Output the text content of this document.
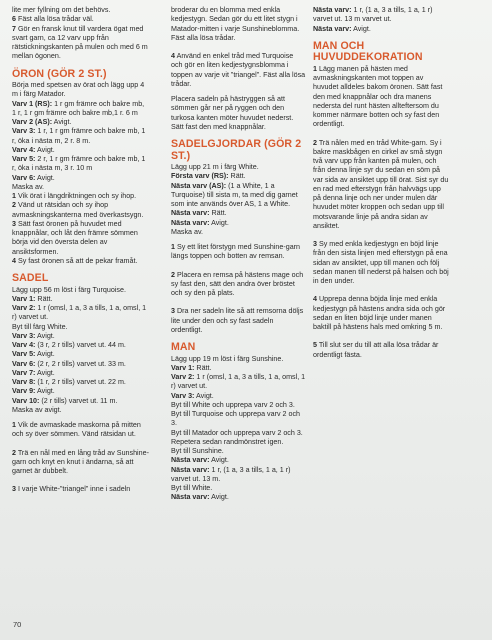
lite mer fyllning om det behövs.

6 Fäst alla lösa trådar väl.

7 Gör en fransk knut till vardera ögat med svart garn, ca 12 varv upp från rätstickningskanten på mulen och med 6 m mellan ögonen.

ÖRON (GÖR 2 ST.)

Börja med spetsen av örat och lägg upp 4 m i färg Matador.

Varv 1 (RS): 1 r gm främre och bakre mb, 1 r, 1 r gm främre och bakre mb,1 r. 6 m

Varv 2 (AS): Avigt.

Varv 3: 1 r, 1 r gm främre och bakre mb, 1 r, öka i nästa m, 2 r. 8 m.

Varv 4: Avigt.

Varv 5: 2 r, 1 r gm främre och bakre mb, 1 r, öka i nästa m, 3 r. 10 m

Varv 6: Avigt.

Maska av.

1 Vik örat i längdriktningen och sy ihop.

2 Vänd ut rätsidan och sy ihop avmaskningskanterna med överkastsygn.

3 Sätt fast öronen på huvudet med knappnålar, och låt den främre sömmen börja vid den översta delen av ansiktsformen.

4 Sy fast öronen så att de pekar framåt.

SADEL

Lägg upp 56 m löst i färg Turquoise.

Varv 1: Rätt.

Varv 2: 1 r (omsl, 1 a, 3 a tills, 1 a, omsl, 1 r) varvet ut.

Byt till färg White.

Varv 3: Avigt.

Varv 4: (3 r, 2 r tills) varvet ut. 44 m.

Varv 5: Avigt.

Varv 6: (2 r, 2 r tills) varvet ut. 33 m.

Varv 7: Avigt.

Varv 8: (1 r, 2 r tills) varvet ut. 22 m.

Varv 9: Avigt.

Varv 10: (2 r tills) varvet ut. 11 m.

Maska av avigt.

1 Vik de avmaskade maskorna på mitten och sy över sömmen. Vänd rätsidan ut.

2 Trä en nål med en lång tråd av Sunshine-garn och knyt en knut i ändarna, så att garnet är dubbelt.

3 I varje White-”triangel” inne i sadeln

broderar du en blomma med enkla kedjestygn. Sedan gör du ett litet stygn i Matador-mitten i varje Sunshineblomma. Fäst alla lösa trådar.

4 Använd en enkel tråd med Turquoise och gör en liten kedjestygnsblomma i toppen av varje vit ”triangel”. Fäst alla lösa trådar.

Placera sadeln på hästryggen så att sömmen går ner på ryggen och den turkosa kanten möter huvudet nederst. Sätt fast den med knappnålar.

SADELGJORDAR (GÖR 2 ST.)

Lägg upp 21 m i färg White.

Första varv (RS): Rätt.

Nästa varv (AS): (1 a White, 1 a Turquoise) till sista m, ta med dig garnet som inte används över AS, 1 a White.

Nästa varv: Rätt.

Nästa varv: Avigt.

Maska av.

1 Sy ett litet förstygn med Sunshine-garn längs toppen och botten av remsan.

2 Placera en remsa på hästens mage och sy fast den, sätt den andra över bröstet och sy den på plats.

3 Dra ner sadeln lite så att remsorna döljs lite under den och sy fast sadeln ordentligt.

MAN

Lägg upp 19 m löst i färg Sunshine.

Varv 1: Rätt.

Varv 2: 1 r (omsl, 1 a, 3 a tills, 1 a, omsl, 1 r) varvet ut.

Varv 3: Avigt.

Byt till White och upprepa varv 2 och 3.

Byt till Turquoise och upprepa varv 2 och 3.

Byt till Matador och upprepa varv 2 och 3.

Repetera sedan randmönstret igen.

Byt till Sunshine.

Nästa varv: Avigt.

Nästa varv: 1 r, (1 a, 3 a tills, 1 a, 1 r) varvet ut. 13 m.

Byt till White.

Nästa varv: Avigt.

Nästa varv: 1 r, (1 a, 3 a tills, 1 a, 1 r) varvet ut. 13 m varvet ut.

Nästa varv: Avigt.

MAN OCH HUVUDDEKORATION

1 Lägg manen på hästen med avmaskningskanten mot toppen av huvudet alldeles bakom öronen. Sätt fast den med knappnålar och dra manens nedersta del runt hästen allteftersom du kommer närmare botten och sy fast den ordentligt.

2 Trä nålen med en tråd White-garn. Sy i bakre maskbågen en cirkel av små stygn två varv upp från kanten på mulen, och från denna linje syr du sedan en söm på var sida av ansiktet upp till örat. Sist syr du en rad med efterstygn från halvvägs upp på denna linje och ner under mulen där huvudet möter kroppen och sedan upp till motsvarande linje på andra sidan av ansiktet.

3 Sy med enkla kedjestygn en böjd linje från den sista linjen med efterstygn på ena sidan av ansiktet, upp till manen och följ sedan manen till nederst på halsen och böj in den under.

4 Upprepa denna böjda linje med enkla kedjestygn på hästens andra sida och gör sedan en liten böjd linje under manen baktill på hästens hals med omkring 5 m.

5 Till slut ser du till att alla lösa trådar är ordentligt fästa.

70
